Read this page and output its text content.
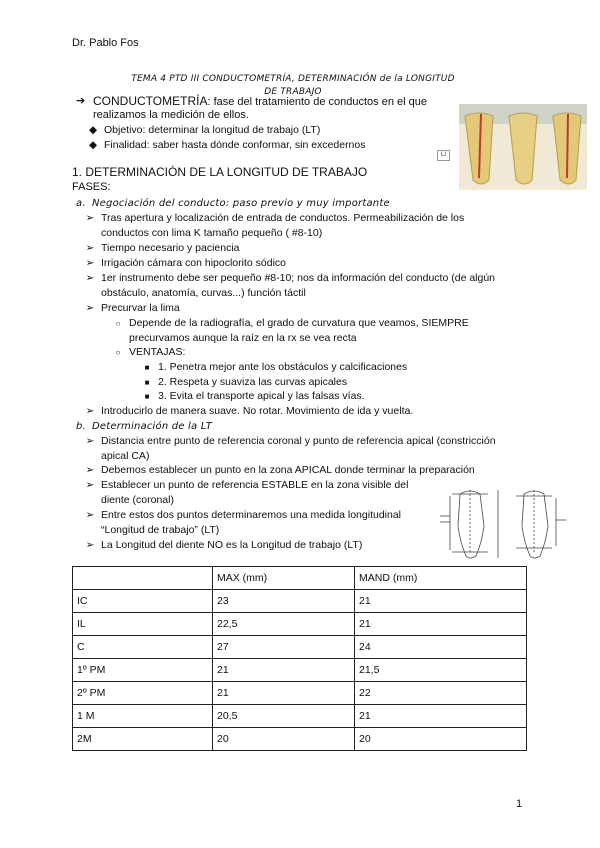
Dr. Pablo Fos
TEMA 4 PTD III CONDUCTOMETRÍA, DETERMINACIÓN de la LONGITUD DE TRABAJO
➔ CONDUCTOMETRÍA: fase del tratamiento de conductos en el que
realizamos la medición de ellos.
◆ Objetivo: determinar la longitud de trabajo (LT)
◆ Finalidad: saber hasta dónde conformar, sin excedernos
LI
1. DETERMINACIÓN DE LA LONGITUD DE TRABAJO
FASES:
a. Negociación del conducto: paso previo y muy importante
➢ Tras apertura y localización de entrada de conductos. Permeabilización de los
conductos con lima K tamaño pequeño ( #8-10)
➢ Tiempo necesario y paciencia
➢ Irrigación cámara con hipoclorito sódico
➢ 1er instrumento debe ser pequeño #8-10; nos da información del conducto (de algún
obstáculo, anatomía, curvas...) función táctil
➢ Precurvar la lima
○ Depende de la radiografía, el grado de curvatura que veamos, SIEMPRE
precurvamos aunque la raíz en la rx se vea recta
○ VENTAJAS:
■ 1. Penetra mejor ante los obstáculos y calcificaciones
■ 2. Respeta y suaviza las curvas apicales
■ 3. Evita el transporte apical y las falsas vías.
➢ Introducirlo de manera suave. No rotar. Movimiento de ida y vuelta.
b. Determinación de la LT
➢ Distancia entre punto de referencia coronal y punto de referencia apical (constricción
apical CA)
➢ Debemos establecer un punto en la zona APICAL donde terminar la preparación
➢ Establecer un punto de referencia ESTABLE en la zona visible del
diente (coronal)
➢ Entre estos dos puntos determinaremos una medida longitudinal
“Longitud de trabajo” (LT)
➢ La Longitud del diente NO es la Longitud de trabajo (LT)
	MAX (mm)	MAND (mm)
IC	23	21
IL	22,5	21
C	27	24
1º PM	21	21,5
2º PM	21	22
1 M	20,5	21
2M	20	20
1
